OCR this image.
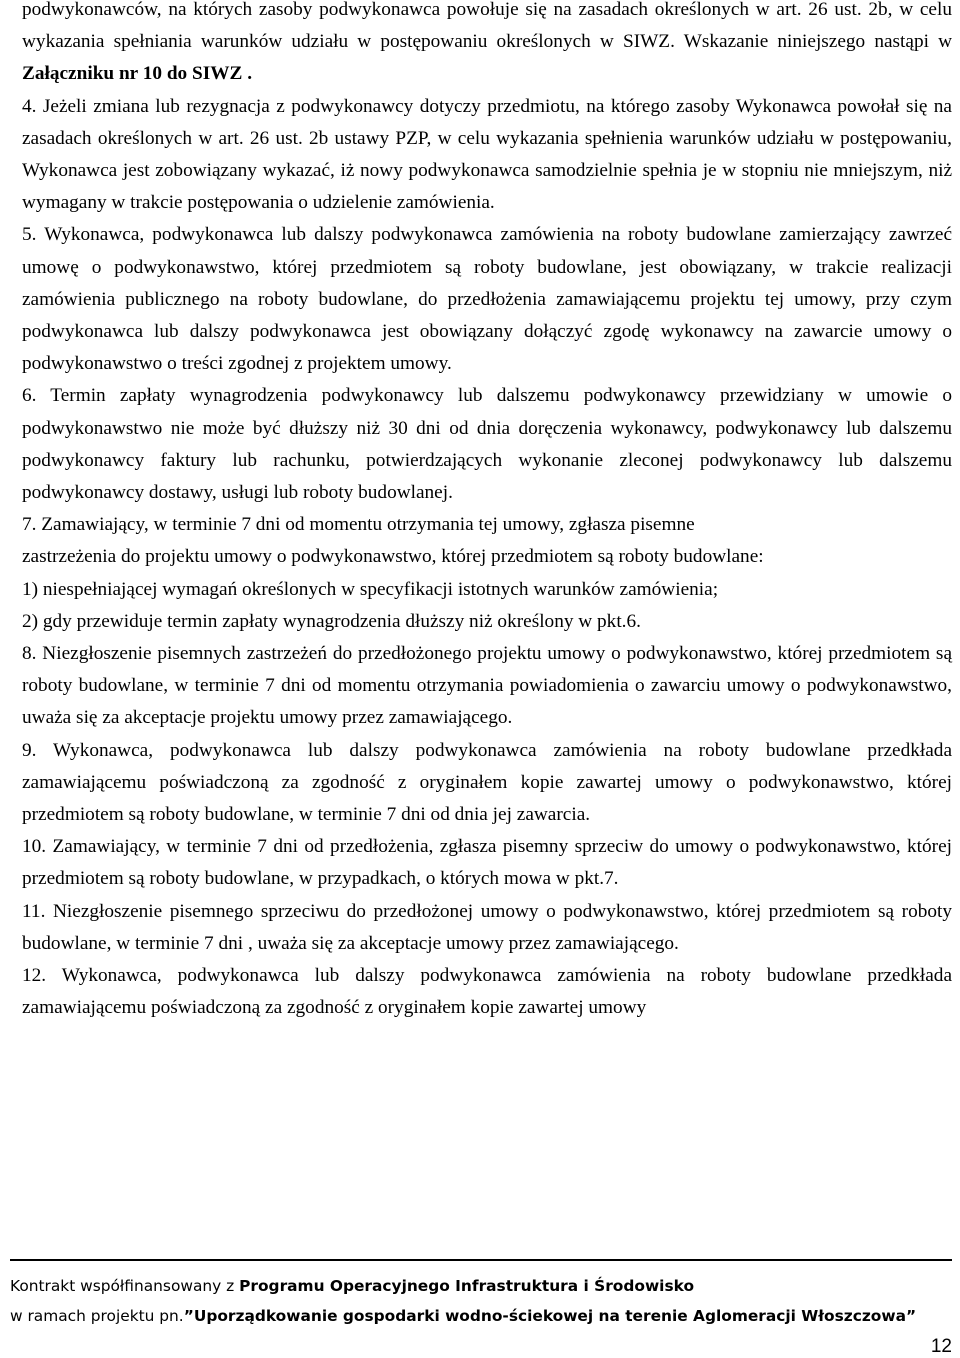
podwykonawców, na których zasoby podwykonawca powołuje się na zasadach określonych w art. 26 ust. 2b, w celu wykazania spełniania warunków udziału w postępowaniu określonych w SIWZ. Wskazanie niniejszego nastąpi w Załączniku nr 10 do SIWZ .

4. Jeżeli zmiana lub rezygnacja z podwykonawcy dotyczy przedmiotu, na którego zasoby Wykonawca powołał się na zasadach określonych w art. 26 ust. 2b ustawy PZP, w celu wykazania spełnienia warunków udziału w postępowaniu, Wykonawca jest zobowiązany wykazać, iż nowy podwykonawca samodzielnie spełnia je w stopniu nie mniejszym, niż wymagany w trakcie postępowania o udzielenie zamówienia.

5. Wykonawca, podwykonawca lub dalszy podwykonawca zamówienia na roboty budowlane zamierzający zawrzeć umowę o podwykonawstwo, której przedmiotem są roboty budowlane, jest obowiązany, w trakcie realizacji zamówienia publicznego na roboty budowlane, do przedłożenia zamawiającemu projektu tej umowy, przy czym podwykonawca lub dalszy podwykonawca jest obowiązany dołączyć zgodę wykonawcy na zawarcie umowy o podwykonawstwo o treści zgodnej z projektem umowy.

6. Termin zapłaty wynagrodzenia podwykonawcy lub dalszemu podwykonawcy przewidziany w umowie o podwykonawstwo nie może być dłuższy niż 30 dni od dnia doręczenia wykonawcy, podwykonawcy lub dalszemu podwykonawcy faktury lub rachunku, potwierdzających wykonanie zleconej podwykonawcy lub dalszemu podwykonawcy dostawy, usługi lub roboty budowlanej.

7. Zamawiający, w terminie 7 dni od momentu otrzymania tej umowy, zgłasza pisemne

zastrzeżenia do projektu umowy o podwykonawstwo, której przedmiotem są roboty budowlane:

1) niespełniającej wymagań określonych w specyfikacji istotnych warunków zamówienia;

2) gdy przewiduje termin zapłaty wynagrodzenia dłuższy niż określony w pkt.6.

8. Niezgłoszenie pisemnych zastrzeżeń do przedłożonego projektu umowy o podwykonawstwo, której przedmiotem są roboty budowlane, w terminie 7 dni od momentu otrzymania powiadomienia o zawarciu umowy o podwykonawstwo, uważa się za akceptacje projektu umowy przez zamawiającego.

9. Wykonawca, podwykonawca lub dalszy podwykonawca zamówienia na roboty budowlane przedkłada zamawiającemu poświadczoną za zgodność z oryginałem kopie zawartej umowy o podwykonawstwo, której przedmiotem są roboty budowlane, w terminie 7 dni od dnia jej zawarcia.

10. Zamawiający, w terminie 7 dni od przedłożenia, zgłasza pisemny sprzeciw do umowy o podwykonawstwo, której przedmiotem są roboty budowlane, w przypadkach, o których mowa w pkt.7.

11. Niezgłoszenie pisemnego sprzeciwu do przedłożonej umowy o podwykonawstwo, której przedmiotem są roboty budowlane, w terminie 7 dni , uważa się za akceptacje umowy przez zamawiającego.

12. Wykonawca, podwykonawca lub dalszy podwykonawca zamówienia na roboty budowlane przedkłada zamawiającemu poświadczoną za zgodność z oryginałem kopie zawartej umowy

Kontrakt współfinansowany z Programu Operacyjnego Infrastruktura i Środowisko
w ramach projektu pn.”Uporządkowanie gospodarki wodno-ściekowej na terenie Aglomeracji Włoszczowa”
12
